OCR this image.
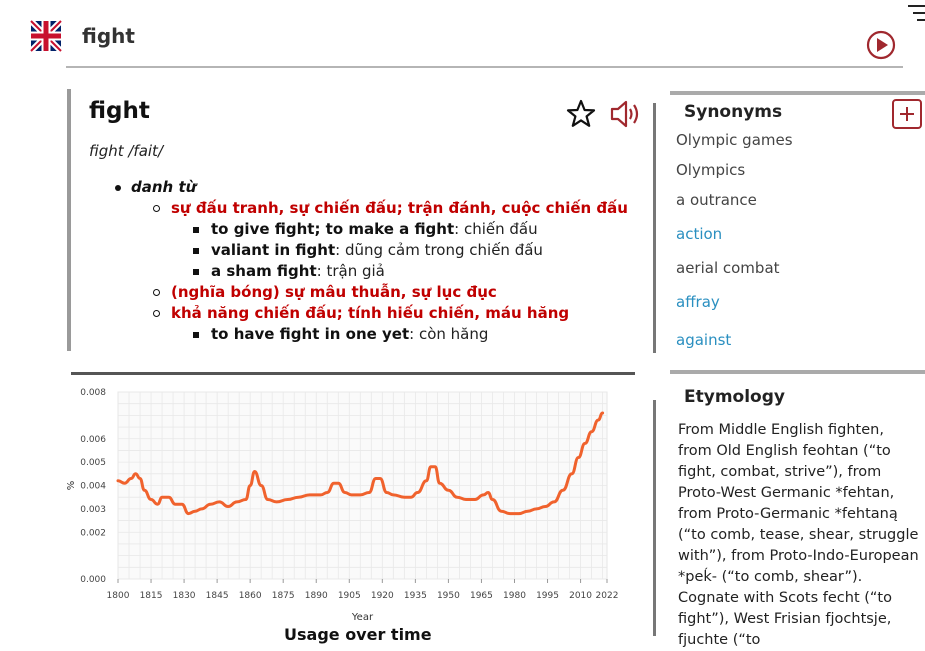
fight
fight
fight /fait/
danh từ
sự đấu tranh, sự chiến đấu; trận đánh, cuộc chiến đấu
to give fight; to make a fight: chiến đấu
valiant in fight: dũng cảm trong chiến đấu
a sham fight: trận giả
(nghĩa bóng) sự mâu thuẫn, sự lục đục
khả năng chiến đấu; tính hiếu chiến, máu hăng
to have fight in one yet: còn hăng
Synonyms
Olympic games
Olympics
a outrance
action
aerial combat
affray
against
Etymology
From Middle English fighten, from Old English feohtan (“to fight, combat, strive”), from Proto-West Germanic *fehtan, from Proto-Germanic *fehtaną (“to comb, tease, shear, struggle with”), from Proto-Indo-European *peḱ- (“to comb, shear”). Cognate with Scots fecht (“to fight”), West Frisian fjochtsje, fjuchte (“to
1800 1815 1830 1845 1860 1875 1890 1905 1920 1935 1950 1965 1980 1995 2010 2022
0.000
0.002
0.003
0.004
0.005
0.006
0.008
Year
%
Usage over time
